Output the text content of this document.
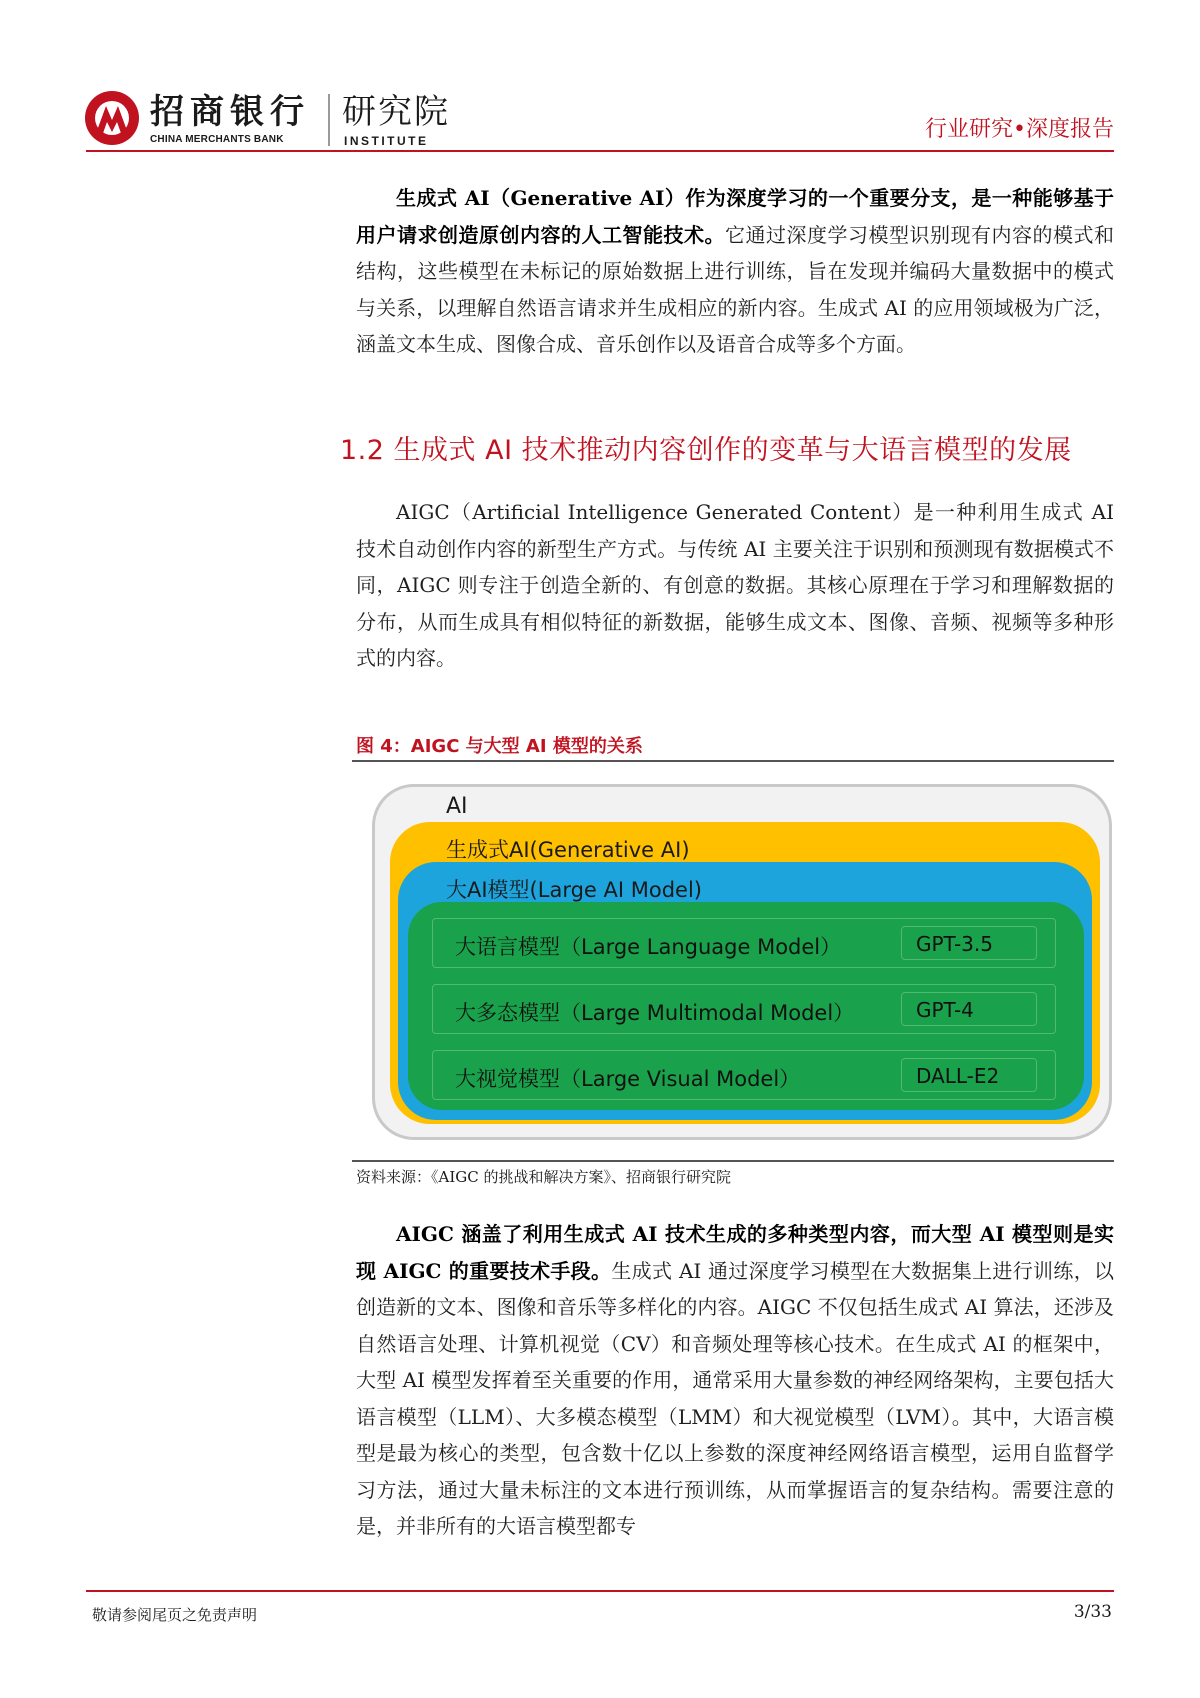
招商银行
CHINA MERCHANTS BANK
研究院
INSTITUTE	行业研究•深度报告
生成式 AI（Generative AI）作为深度学习的一个重要分支，是一种能够基于用户请求创造原创内容的人工智能技术。它通过深度学习模型识别现有内容的模式和结构，这些模型在未标记的原始数据上进行训练，旨在发现并编码大量数据中的模式与关系，以理解自然语言请求并生成相应的新内容。生成式 AI 的应用领域极为广泛，涵盖文本生成、图像合成、音乐创作以及语音合成等多个方面。
1.2 生成式 AI 技术推动内容创作的变革与大语言模型的发展
AIGC（Artificial Intelligence Generated Content）是一种利用生成式 AI 技术自动创作内容的新型生产方式。与传统 AI 主要关注于识别和预测现有数据模式不同，AIGC 则专注于创造全新的、有创意的数据。其核心原理在于学习和理解数据的分布，从而生成具有相似特征的新数据，能够生成文本、图像、音频、视频等多种形式的内容。
图 4：AIGC 与大型 AI 模型的关系
AI
生成式AI(Generative AI)
大AI模型(Large AI Model)
大语言模型（Large Language Model）	GPT-3.5
大多态模型（Large Multimodal Model）	GPT-4
大视觉模型（Large Visual Model）	DALL-E2
资料来源：《AIGC 的挑战和解决方案》、招商银行研究院
AIGC 涵盖了利用生成式 AI 技术生成的多种类型内容，而大型 AI 模型则是实现 AIGC 的重要技术手段。生成式 AI 通过深度学习模型在大数据集上进行训练，以创造新的文本、图像和音乐等多样化的内容。AIGC 不仅包括生成式 AI 算法，还涉及自然语言处理、计算机视觉（CV）和音频处理等核心技术。在生成式 AI 的框架中，大型 AI 模型发挥着至关重要的作用，通常采用大量参数的神经网络架构，主要包括大语言模型（LLM）、大多模态模型（LMM）和大视觉模型（LVM）。其中，大语言模型是最为核心的类型，包含数十亿以上参数的深度神经网络语言模型，运用自监督学习方法，通过大量未标注的文本进行预训练，从而掌握语言的复杂结构。需要注意的是，并非所有的大语言模型都专
敬请参阅尾页之免责声明	3/33
